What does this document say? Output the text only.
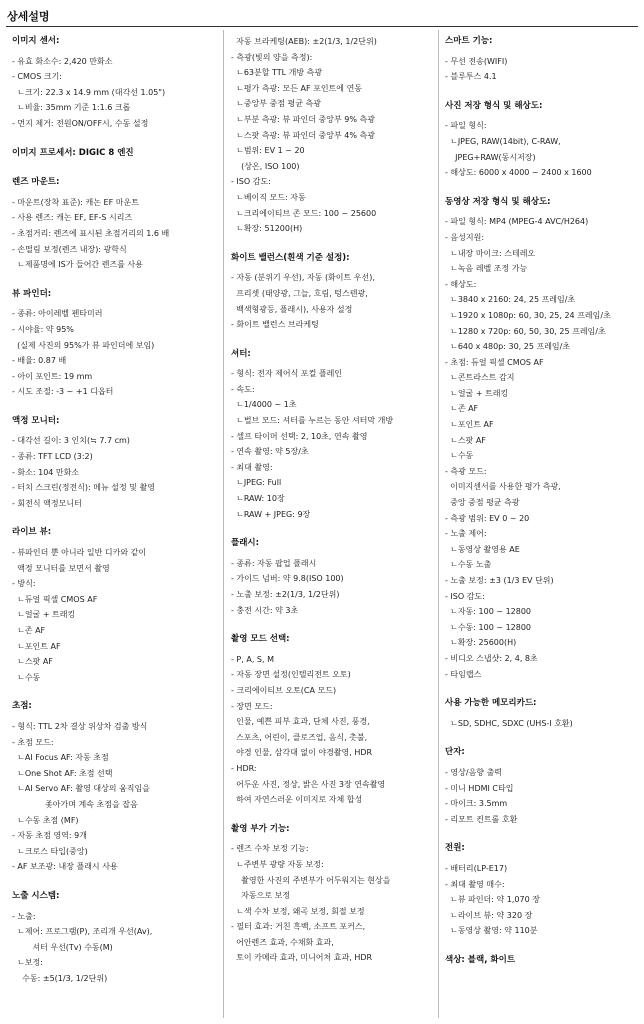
상세설명
이미지 센서:
- 유효 화소수: 2,420 만화소
- CMOS 크기:
ㄴ크기: 22.3 x 14.9 mm (대각선 1.05")
ㄴ비율: 35mm 기준 1:1.6 크롭
- 먼지 제거: 전원ON/OFF시, 수동 설정
이미지 프로세서: DIGIC 8 엔진
렌즈 마운트:
- 마운트(장착 표준): 캐논 EF 마운트
- 사용 렌즈: 캐논 EF, EF-S 시리즈
- 초점거리: 렌즈에 표시된 초점거리의 1.6 배
- 손떨림 보정(렌즈 내장): 광학식
ㄴ제품명에 IS가 들어간 렌즈를 사용
뷰 파인더:
- 종류: 아이레벨 펜타미러
- 시야율: 약 95%
(실제 사진의 95%가 뷰 파인더에 보임)
- 배율: 0.87 배
- 아이 포인트: 19 mm
- 시도 조절: -3 ~ +1 디옵터
액정 모니터:
- 대각선 길이: 3 인치(≒ 7.7 cm)
- 종류: TFT LCD (3:2)
- 화소: 104 만화소
- 터치 스크린(정전식): 메뉴 설정 및 촬영
- 회전식 액정모니터
라이브 뷰:
- 뷰파인더 뿐 아니라 일반 디카와 같이
액정 모니터를 보면서 촬영
- 방식:
ㄴ듀얼 픽셀 CMOS AF
ㄴ얼굴 + 트래킹
ㄴ존 AF
ㄴ포인트 AF
ㄴ스팟 AF
ㄴ수동
초점:
- 형식: TTL 2차 결상 위상차 검출 방식
- 초점 모드:
ㄴAI Focus AF: 자동 초점
ㄴOne Shot AF: 초점 선택
ㄴAI Servo AF: 촬영 대상의 움직임을
좇아가며 계속 초점을 잡음
ㄴ수동 초점 (MF)
- 자동 초점 영역: 9개
ㄴ크로스 타입(중앙)
- AF 보조광: 내장 플래시 사용
노출 시스템:
- 노출:
ㄴ제어: 프로그램(P), 조리개 우선(Av),
셔터 우선(Tv) 수동(M)
ㄴ보정:
수동: ±5(1/3, 1/2단위)
자동 브라케팅(AEB): ±2(1/3, 1/2단위)
- 측광(빛의 양을 측정):
ㄴ63분할 TTL 개방 측광
ㄴ평가 측광: 모든 AF 포인트에 연동
ㄴ중앙부 중점 평균 측광
ㄴ부분 측광: 뷰 파인더 중앙부 9% 측광
ㄴ스팟 측광: 뷰 파인더 중앙부 4% 측광
ㄴ범위: EV 1 ~ 20
(상온, ISO 100)
- ISO 감도:
ㄴ베이직 모드: 자동
ㄴ크리에이티브 존 모드: 100 ~ 25600
ㄴ확장: 51200(H)
화이트 밸런스(흰색 기준 설정):
- 자동 (분위기 우선), 자동 (화이트 우선),
프리셋 (태양광, 그늘, 흐림, 텅스텐광,
백색형광등, 플래시), 사용자 설정
- 화이트 밸런스 브라케팅
셔터:
- 형식: 전자 제어식 포컬 플레인
- 속도:
ㄴ1/4000 ~ 1초
ㄴ벌브 모드: 셔터를 누르는 동안 셔터막 개방
- 셀프 타이머 선택: 2, 10초, 연속 촬영
- 연속 촬영: 약 5장/초
- 최대 촬영:
ㄴJPEG: Full
ㄴRAW: 10장
ㄴRAW + JPEG: 9장
플래시:
- 종류: 자동 팝업 플래시
- 가이드 넘버: 약 9.8(ISO 100)
- 노출 보정: ±2(1/3, 1/2단위)
- 충전 시간: 약 3초
촬영 모드 선택:
- P, A, S, M
- 자동 장면 설정(인텔리전트 오토)
- 크리에이티브 오토(CA 모드)
- 장면 모드:
인물, 예쁜 피부 효과, 단체 사진, 풍경,
스포츠, 어린이, 클로즈업, 음식, 촛불,
야경 인물, 삼각대 없이 야경촬영, HDR
- HDR:
어두운 사진, 정상, 밝은 사진 3장 연속촬영
하여 자연스러운 이미지로 자체 합성
촬영 부가 기능:
- 렌즈 수차 보정 기능:
ㄴ주변부 광량 자동 보정:
촬영한 사진의 주변부가 어두워지는 현상을
자동으로 보정
ㄴ색 수차 보정, 왜곡 보정, 회절 보정
- 필터 효과: 거친 흑백, 소프트 포커스,
어안렌즈 효과, 수채화 효과,
토이 카메라 효과, 미니어처 효과, HDR
스마트 기능:
- 무선 전송(WIFI)
- 블루투스 4.1
사진 저장 형식 및 해상도:
- 파일 형식:
ㄴJPEG, RAW(14bit), C-RAW,
JPEG+RAW(동시저장)
- 해상도: 6000 x 4000 ~ 2400 x 1600
동영상 저장 형식 및 해상도:
- 파일 형식: MP4 (MPEG-4 AVC/H264)
- 음성지원:
ㄴ내장 마이크: 스테레오
ㄴ녹음 레벨 조정 가능
- 해상도:
ㄴ3840 x 2160: 24, 25 프레임/초
ㄴ1920 x 1080p: 60, 30, 25, 24 프레임/초
ㄴ1280 x 720p: 60, 50, 30, 25 프레임/초
ㄴ640 x 480p: 30, 25 프레임/초
- 초점: 듀얼 픽셀 CMOS AF
ㄴ콘트라스트 감지
ㄴ얼굴 + 트래킹
ㄴ존 AF
ㄴ포인트 AF
ㄴ스팟 AF
ㄴ수동
- 측광 모드:
이미지센서를 사용한 평가 측광,
중앙 중점 평균 측광
- 측광 범위: EV 0 ~ 20
- 노출 제어:
ㄴ동영상 촬영용 AE
ㄴ수동 노출
- 노출 보정: ±3 (1/3 EV 단위)
- ISO 감도:
ㄴ자동: 100 ~ 12800
ㄴ수동: 100 ~ 12800
ㄴ확장: 25600(H)
- 비디오 스냅샷: 2, 4, 8초
- 타임랩스
사용 가능한 메모리카드:
ㄴSD, SDHC, SDXC (UHS-I 호환)
단자:
- 영상/음향 출력
- 미니 HDMI C타입
- 마이크: 3.5mm
- 리모트 컨트롤 호환
전원:
- 배터리(LP-E17)
- 최대 촬영 매수:
ㄴ뷰 파인더: 약 1,070 장
ㄴ라이브 뷰: 약 320 장
ㄴ동영상 촬영: 약 110분
색상: 블랙, 화이트
